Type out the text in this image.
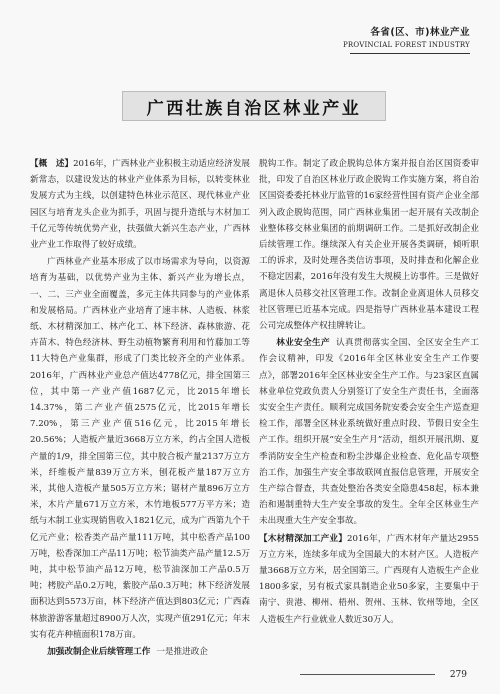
各省(区、市)林业产业
PROVINCIAL FOREST INDUSTRY
广西壮族自治区林业产业

【概　述】2016年，广西林业产业积极主动适应经济发展新常态，以建设发达的林业产业体系为目标，以转变林业发展方式为主线，以创建特色林业示范区、现代林业产业园区与培育龙头企业为抓手，巩固与提升造纸与木材加工千亿元等传统优势产业，扶强做大新兴生态产业，广西林业产业工作取得了较好成绩。

广西林业产业基本形成了以市场需求为导向，以资源培育为基础，以优势产业为主体、新兴产业为增长点，一、二、三产业全面覆盖，多元主体共同参与的产业体系和发展格局。广西林业产业培育了速丰林、人造板、林浆纸、木材精深加工、林产化工、林下经济、森林旅游、花卉苗木、特色经济林、野生动植物繁育利用和竹藤加工等11大特色产业集群，形成了门类比较齐全的产业体系。2016年，广西林业产业总产值达4778亿元，排全国第三位，其中第一产业产值1687亿元，比2015年增长14.37%，第二产业产值2575亿元，比2015年增长7.20%，第三产业产值516亿元，比2015年增长20.56%；人造板产量近3668万立方米，约占全国人造板产量的1/9，排全国第三位，其中胶合板产量2137万立方米，纤维板产量839万立方米，刨花板产量187万立方米，其他人造板产量505万立方米；锯材产量896万立方米，木片产量671万立方米，木竹地板577万平方米；造纸与木制工业实现销售收入1821亿元，成为广西第九个千亿元产业；松香类产品产量111万吨，其中松香产品100万吨，松香深加工产品11万吨；松节油类产品产量12.5万吨，其中松节油产品12万吨，松节油深加工产品0.5万吨；栲胶产品0.2万吨，紫胶产品0.3万吨；林下经济发展面积达到5573万亩，林下经济产值达到803亿元；广西森林旅游游客量超过8900万人次，实现产值291亿元；年末实有花卉种植面积178万亩。

加强改制企业后续管理工作 一是推进政企

脱钩工作。制定了政企脱钩总体方案并报自治区国资委审批，印发了自治区林业厅政企脱钩工作实施方案，将自治区国资委委托林业厅监管的16家经营性国有资产企业全部列入政企脱钩范围，同广西林业集团一起开展有关改制企业整体移交林业集团的前期调研工作。二是抓好改制企业后续管理工作。继续深入有关企业开展各类调研，倾听职工的诉求，及时处理各类信访事项，及时排查和化解企业不稳定因素，2016年没有发生大规模上访事件。三是做好离退休人员移交社区管理工作。改制企业离退休人员移交社区管理已近基本完成。四是指导广西林业基本建设工程公司完成整体产权挂牌转让。

林业安全生产 认真贯彻落实全国、全区安全生产工作会议精神，印发《2016年全区林业安全生产工作要点》，部署2016年全区林业安全生产工作。与23家区直属林业单位党政负责人分别签订了安全生产责任书，全面落实安全生产责任。顺利完成国务院安委会安全生产巡查迎检工作，部署全区林业系统做好重点时段、节假日安全生产工作。组织开展“安全生产月”活动，组织开展汛期、夏季消防安全生产检查和粉尘涉爆企业检查、危化品专项整治工作，加强生产安全事故联网直报信息管理，开展安全生产综合督查，共查处整治各类安全隐患458起，标本兼治和遏制重特大生产安全事故的发生。全年全区林业生产未出现重大生产安全事故。

【木材精深加工产业】2016年，广西木材年产量达2955万立方米，连续多年成为全国最大的木材产区。人造板产量3668万立方米，居全国第三。广西现有人造板生产企业1800多家，另有板式家具制造企业50多家，主要集中于南宁、贵港、柳州、梧州、贺州、玉林、钦州等地，全区人造板生产行业就业人数近30万人。

279
